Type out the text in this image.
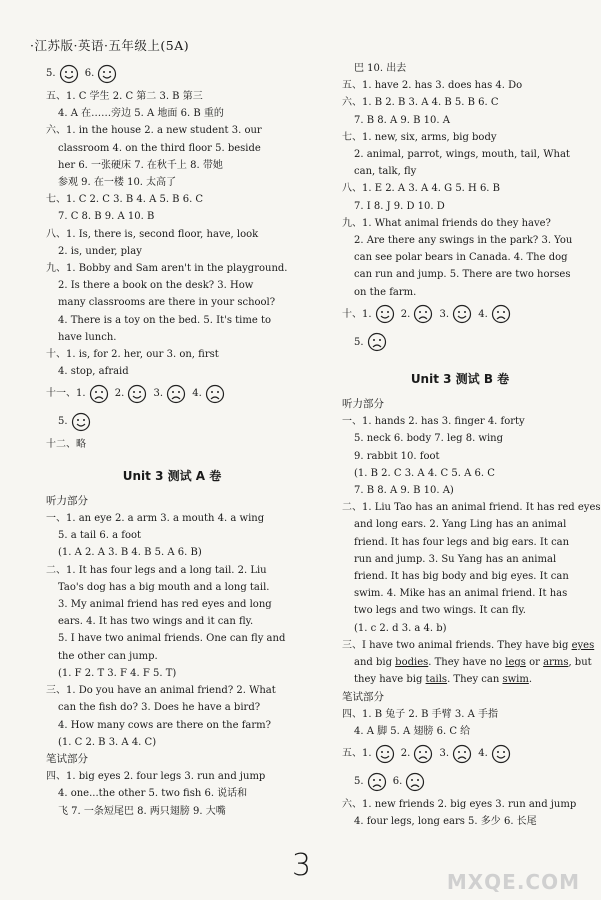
·江苏版·英语·五年级上(5A)
5.	6.
五、1. C 学生 2. C 第二 3. B 第三
4. A 在……旁边 5. A 地面 6. B 重的
六、1. in the house 2. a new student 3. our
classroom 4. on the third floor 5. beside
her 6. 一张硬床 7. 在秋千上 8. 带她
参观 9. 在一楼 10. 太高了
七、1. C 2. C 3. B 4. A 5. B 6. C
7. C 8. B 9. A 10. B
八、1. Is, there is, second floor, have, look
2. is, under, play
九、1. Bobby and Sam aren't in the playground.
2. Is there a book on the desk? 3. How
many classrooms are there in your school?
4. There is a toy on the bed. 5. It's time to
have lunch.
十、1. is, for 2. her, our 3. on, first
4. stop, afraid
十一、1.	2.	3.	4.
5.
十二、略
Unit 3 测试 A 卷
听力部分
一、1. an eye 2. a arm 3. a mouth 4. a wing
5. a tail 6. a foot
(1. A 2. A 3. B 4. B 5. A 6. B)
二、1. It has four legs and a long tail. 2. Liu
Tao's dog has a big mouth and a long tail.
3. My animal friend has red eyes and long
ears. 4. It has two wings and it can fly.
5. I have two animal friends. One can fly and
the other can jump.
(1. F 2. T 3. F 4. F 5. T)
三、1. Do you have an animal friend? 2. What
can the fish do? 3. Does he have a bird?
4. How many cows are there on the farm?
(1. C 2. B 3. A 4. C)
笔试部分
四、1. big eyes 2. four legs 3. run and jump
4. one...the other 5. two fish 6. 说话和
飞 7. 一条短尾巴 8. 两只翅膀 9. 大嘴
巴 10. 出去
五、1. have 2. has 3. does has 4. Do
六、1. B 2. B 3. A 4. B 5. B 6. C
7. B 8. A 9. B 10. A
七、1. new, six, arms, big body
2. animal, parrot, wings, mouth, tail, What
can, talk, fly
八、1. E 2. A 3. A 4. G 5. H 6. B
7. I 8. J 9. D 10. D
九、1. What animal friends do they have?
2. Are there any swings in the park? 3. You
can see polar bears in Canada. 4. The dog
can run and jump. 5. There are two horses
on the farm.
十、1.	2.	3.	4.
5.
Unit 3 测试 B 卷
听力部分
一、1. hands 2. has 3. finger 4. forty
5. neck 6. body 7. leg 8. wing
9. rabbit 10. foot
(1. B 2. C 3. A 4. C 5. A 6. C
7. B 8. A 9. B 10. A)
二、1. Liu Tao has an animal friend. It has red eyes
and long ears. 2. Yang Ling has an animal
friend. It has four legs and big ears. It can
run and jump. 3. Su Yang has an animal
friend. It has big body and big eyes. It can
swim. 4. Mike has an animal friend. It has
two legs and two wings. It can fly.
(1. c 2. d 3. a 4. b)
三、I have two animal friends. They have big eyes
and big bodies. They have no legs or arms, but
they have big tails. They can swim.
笔试部分
四、1. B 兔子 2. B 手臂 3. A 手指
4. A 脚 5. A 翅膀 6. C 给
五、1.	2.	3.	4.
5.	6.
六、1. new friends 2. big eyes 3. run and jump
4. four legs, long ears 5. 多少 6. 长尾
3	MXQE.COM
